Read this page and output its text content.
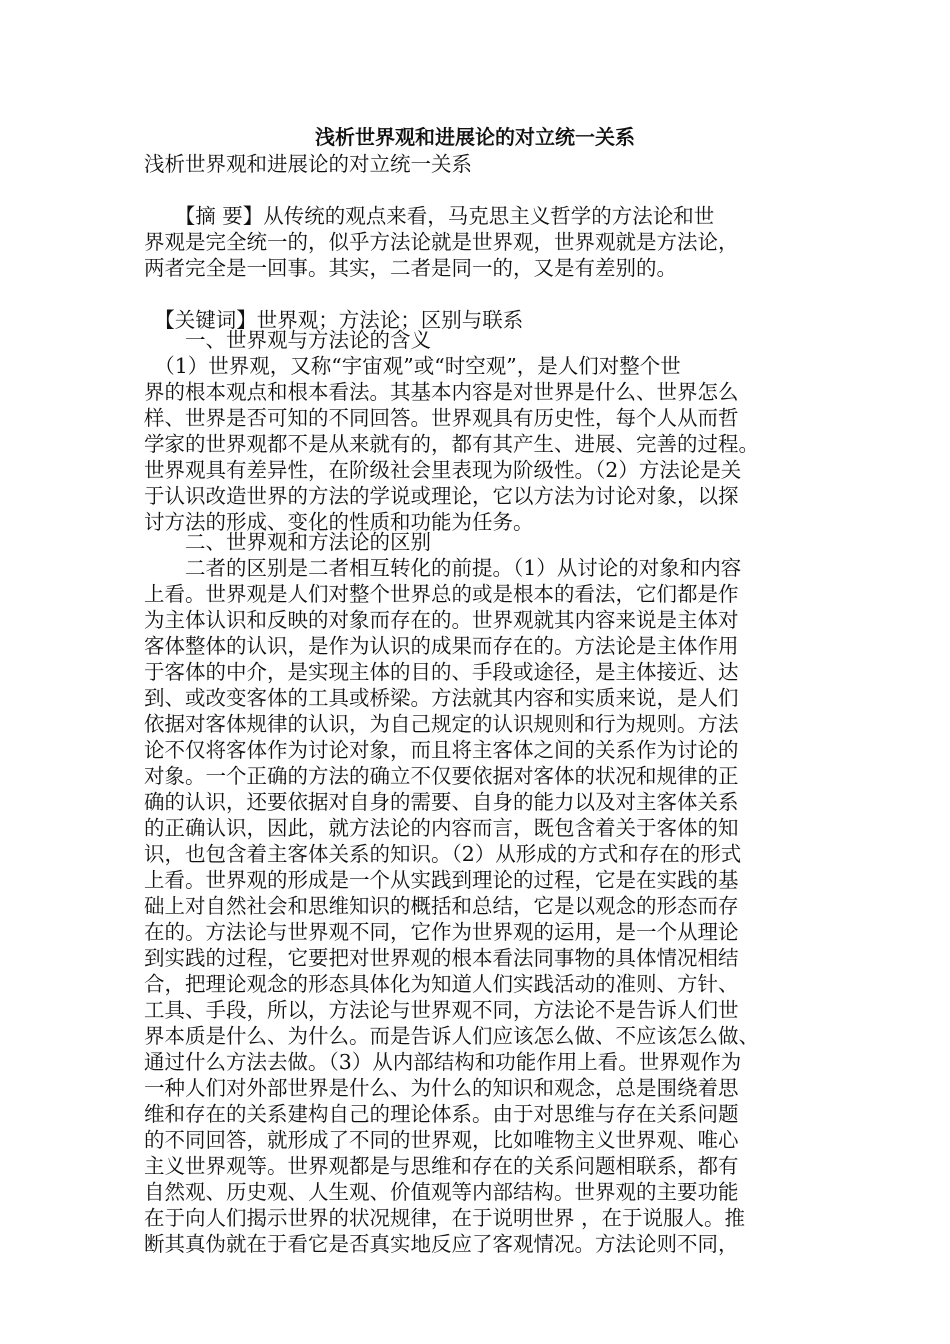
浅析世界观和进展论的对立统一关系

浅析世界观和进展论的对立统一关系

　　【摘 要】从传统的观点来看，马克思主义哲学的方法论和世

界观是完全统一的，似乎方法论就是世界观，世界观就是方法论，

两者完全是一回事。其实，二者是同一的，又是有差别的。

　【关键词】世界观；方法论；区别与联系

　　一、世界观与方法论的含义

　（1）世界观，又称“宇宙观”或“时空观”，是人们对整个世

界的根本观点和根本看法。其基本内容是对世界是什么、世界怎么

样、世界是否可知的不同回答。世界观具有历史性，每个人从而哲

学家的世界观都不是从来就有的，都有其产生、进展、完善的过程。

世界观具有差异性，在阶级社会里表现为阶级性。（2）方法论是关

于认识改造世界的方法的学说或理论，它以方法为讨论对象，以探

讨方法的形成、变化的性质和功能为任务。

　　二、世界观和方法论的区别

　　二者的区别是二者相互转化的前提。（1）从讨论的对象和内容

上看。世界观是人们对整个世界总的或是根本的看法，它们都是作

为主体认识和反映的对象而存在的。世界观就其内容来说是主体对

客体整体的认识，是作为认识的成果而存在的。方法论是主体作用

于客体的中介，是实现主体的目的、手段或途径，是主体接近、达

到、或改变客体的工具或桥梁。方法就其内容和实质来说，是人们

依据对客体规律的认识，为自己规定的认识规则和行为规则。方法

论不仅将客体作为讨论对象，而且将主客体之间的关系作为讨论的

对象。一个正确的方法的确立不仅要依据对客体的状况和规律的正

确的认识，还要依据对自身的需要、自身的能力以及对主客体关系

的正确认识，因此，就方法论的内容而言，既包含着关于客体的知

识，也包含着主客体关系的知识。（2）从形成的方式和存在的形式

上看。世界观的形成是一个从实践到理论的过程，它是在实践的基

础上对自然社会和思维知识的概括和总结，它是以观念的形态而存

在的。方法论与世界观不同，它作为世界观的运用，是一个从理论

到实践的过程，它要把对世界观的根本看法同事物的具体情况相结

合，把理论观念的形态具体化为知道人们实践活动的准则、方针、

工具、手段，所以，方法论与世界观不同，方法论不是告诉人们世

界本质是什么、为什么。而是告诉人们应该怎么做、不应该怎么做、

通过什么方法去做。（3）从内部结构和功能作用上看。世界观作为

一种人们对外部世界是什么、为什么的知识和观念，总是围绕着思

维和存在的关系建构自己的理论体系。由于对思维与存在关系问题

的不同回答，就形成了不同的世界观，比如唯物主义世界观、唯心

主义世界观等。世界观都是与思维和存在的关系问题相联系，都有

自然观、历史观、人生观、价值观等内部结构。世界观的主要功能

在于向人们揭示世界的状况规律，在于说明世界 ，在于说服人。推

断其真伪就在于看它是否真实地反应了客观情况。方法论则不同，
